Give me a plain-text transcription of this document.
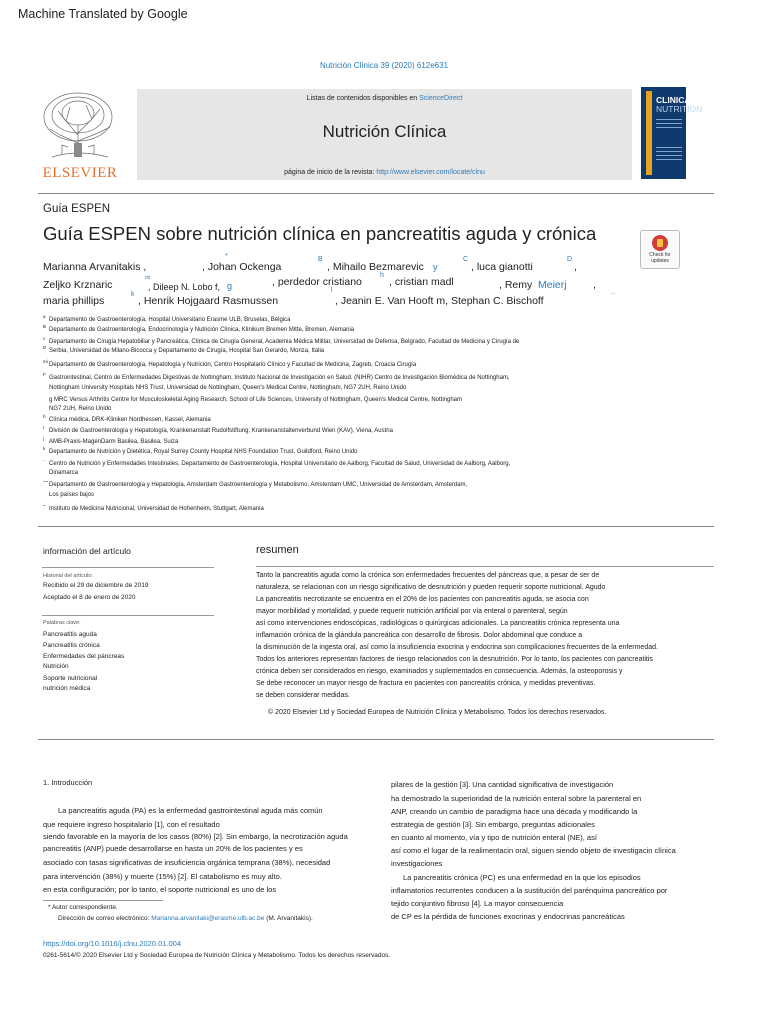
Machine Translated by Google
Nutrición Clínica 39 (2020) 612e631
ELSEVIER
Listas de contenidos disponibles en ScienceDirect
Nutrición Clínica
página de inicio de la revista: http://www.elsevier.com/locate/clnu
CLINICAL
NUTRITION
Guía ESPEN
Guía ESPEN sobre nutrición clínica en pancreatitis aguda y crónica
Check for
updates
Marianna Arvanitakis ,
*
, Johan Ockenga
B
, Mihailo Bezmarevic y
C
, luca gianotti
D
,
Zeljko Krznaric
mi
, Dileep N. Lobo f, g	, perdedor cristiano
h
, cristian madl	, Remy Meierj	,
maria phillips
k
, Henrik Hojgaard Rasmussen
l
, Jeanin E. Van Hooft m, Stephan C. Bischoff
...
a
Departamento de Gastroenterología, Hospital Universitario Erasme ULB, Bruselas, Bélgica
B
Departamento de Gastroenterología, Endocrinología y Nutrición Clínica, Klinikum Bremen Mitte, Bremen, Alemania
c
Departamento de Cirugía Hepatobiliar y Pancreática, Clínica de Cirugía General, Academia Médica Militar, Universidad de Defensa, Belgrado, Facultad de Medicina y Cirugía de
D
Serbia, Universidad de Milano-Bicocca y Departamento de Cirugía, Hospital San Gerardo, Monza, Italia
mi
Departamento de Gastroenterología, Hepatología y Nutrición, Centro Hospitalario Clínico y Facultad de Medicina, Zagreb, Croacia Cirugía
F
Gastrointestinal, Centro de Enfermedades Digestivas de Nottingham, Instituto Nacional de Investigación en Salud. (NIHR) Centro de Investigación Biomédica de Nottingham,
Nottingham University Hospitals NHS Trust, Universidad de Nottingham, Queen's Medical Centre, Nottingham, NG7 2UH, Reino Unido
g MRC Versus Arthritis Centre for Musculoskeletal Aging Research, School of Life Sciences, University of Nottingham, Queen's Medical Centre, Nottingham
NG7 2UH, Reino Unido
h
Clínica médica, DRK-Kliniken Nordhessen, Kassel, Alemania
I
División de Gastroenterología y Hepatología, Krankenanstalt Rudolfstiftung, Krankenanstaltenverbund Wien (KAV), Viena, Austria
j
AMB-Praxis-MagenDarm Basilea, Basilea, Suiza
k
Departamento de Nutrición y Dietética, Royal Surrey County Hospital NHS Foundation Trust, Guildford, Reino Unido
-
Centro de Nutrición y Enfermedades Intestinales, Departamento de Gastroenterología, Hospital Universitario de Aalborg, Facultad de Salud, Universidad de Aalborg, Aalborg,
Dinamarca
~~
Departamento de Gastroenterología y Hepatología, Amsterdam Gastroenterología y Metabolismo, Amsterdam UMC, Universidad de Amsterdam, Amsterdam,
Los países bajos
~
Instituto de Medicina Nutricional, Universidad de Hohenheim, Stuttgart, Alemania
información del artículo
Historial del artículo:
Recibido el 29 de diciembre de 2019
Aceptado el 8 de enero de 2020
Palabras clave:
Pancreatitis aguda
Pancreatitis crónica
Enfermedades del páncreas
Nutrición
Soporte nutricional
nutrición médica
resumen
Tanto la pancreatitis aguda como la crónica son enfermedades frecuentes del páncreas que, a pesar de ser de
naturaleza, se relacionan con un riesgo significativo de desnutrición y pueden requerir soporte nutricional. Agudo
La pancreatitis necrotizante se encuentra en el 20% de los pacientes con pancreatitis aguda, se asocia con
mayor morbilidad y mortalidad, y puede requerir nutrición artificial por vía enteral o parenteral, según
así como intervenciones endoscópicas, radiológicas o quirúrgicas adicionales. La pancreatitis crónica representa una
inflamación crónica de la glándula pancreática con desarrollo de fibrosis. Dolor abdominal que conduce a
la disminución de la ingesta oral, así como la insuficiencia exocrina y endocrina son complicaciones frecuentes de la enfermedad.
Todos los anteriores representan factores de riesgo relacionados con la desnutrición. Por lo tanto, los pacientes con pancreatitis
crónica deben ser considerados en riesgo, examinados y suplementados en consecuencia. Además, la osteoporosis y
Se debe reconocer un mayor riesgo de fractura en pacientes con pancreatitis crónica, y medidas preventivas.
se deben considerar medidas.
© 2020 Elsevier Ltd y Sociedad Europea de Nutrición Clínica y Metabolismo. Todos los derechos reservados.
1. Introducción
La pancreatitis aguda (PA) es la enfermedad gastrointestinal aguda más común
que requiere ingreso hospitalario [1], con el resultado
siendo favorable en la mayoría de los casos (80%) [2]. Sin embargo, la necrotización aguda
pancreatitis (ANP) puede desarrollarse en hasta un 20% de los pacientes y es
asociado con tasas significativas de insuficiencia orgánica temprana (38%), necesidad
para intervención (38%) y muerte (15%) [2]. El catabolismo es muy alto.
en esta configuración; por lo tanto, el soporte nutricional es uno de los
pilares de la gestión [3]. Una cantidad significativa de investigación
ha demostrado la superioridad de la nutrición enteral sobre la parenteral en
ANP, creando un cambio de paradigma hace una década y modificando la
estrategia de gestión [3]. Sin embargo, preguntas adicionales
en cuanto al momento, vía y tipo de nutrición enteral (NE), así
así como el lugar de la realimentacin oral, siguen siendo objeto de investigacin clínica
investigaciones
La pancreatitis crónica (PC) es una enfermedad en la que los episodios
inflamatorios recurrentes conducen a la sustitución del parénquima pancreático por
tejido conjuntivo fibroso [4]. La mayor consecuencia
de CP es la pérdida de funciones exocrinas y endocrinas pancreáticas
* Autor correspondiente.
Dirección de correo electrónico: Marianna.arvanitaki@erasme.ulb.ac.be (M. Arvanitakis).
https://doi.org/10.1016/j.clnu.2020.01.004
0261-5614/© 2020 Elsevier Ltd y Sociedad Europea de Nutrición Clínica y Metabolismo. Todos los derechos reservados.
